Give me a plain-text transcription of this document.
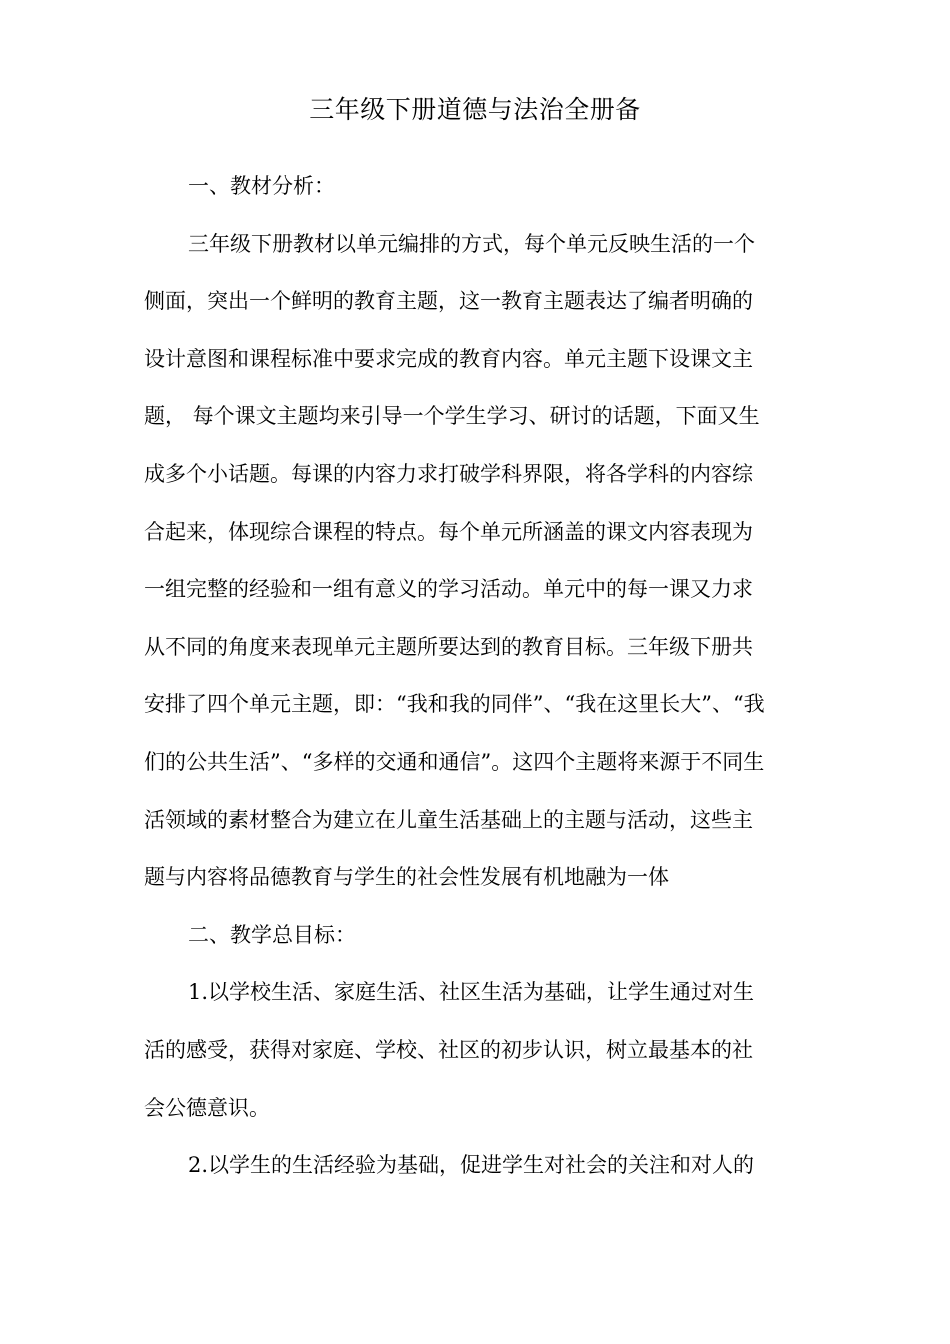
三年级下册道德与法治全册备
一、教材分析：
三年级下册教材以单元编排的方式，每个单元反映生活的一个
侧面，突出一个鲜明的教育主题，这一教育主题表达了编者明确的
设计意图和课程标准中要求完成的教育内容。单元主题下设课文主
题， 每个课文主题均来引导一个学生学习、研讨的话题，下面又生
成多个小话题。每课的内容力求打破学科界限，将各学科的内容综
合起来，体现综合课程的特点。每个单元所涵盖的课文内容表现为
一组完整的经验和一组有意义的学习活动。单元中的每一课又力求
从不同的角度来表现单元主题所要达到的教育目标。三年级下册共
安排了四个单元主题，即：“我和我的同伴”、“我在这里长大”、“我
们的公共生活”、“多样的交通和通信”。这四个主题将来源于不同生
活领域的素材整合为建立在儿童生活基础上的主题与活动，这些主
题与内容将品德教育与学生的社会性发展有机地融为一体
二、教学总目标：
1.以学校生活、家庭生活、社区生活为基础，让学生通过对生
活的感受，获得对家庭、学校、社区的初步认识，树立最基本的社
会公德意识。
2.以学生的生活经验为基础，促进学生对社会的关注和对人的
